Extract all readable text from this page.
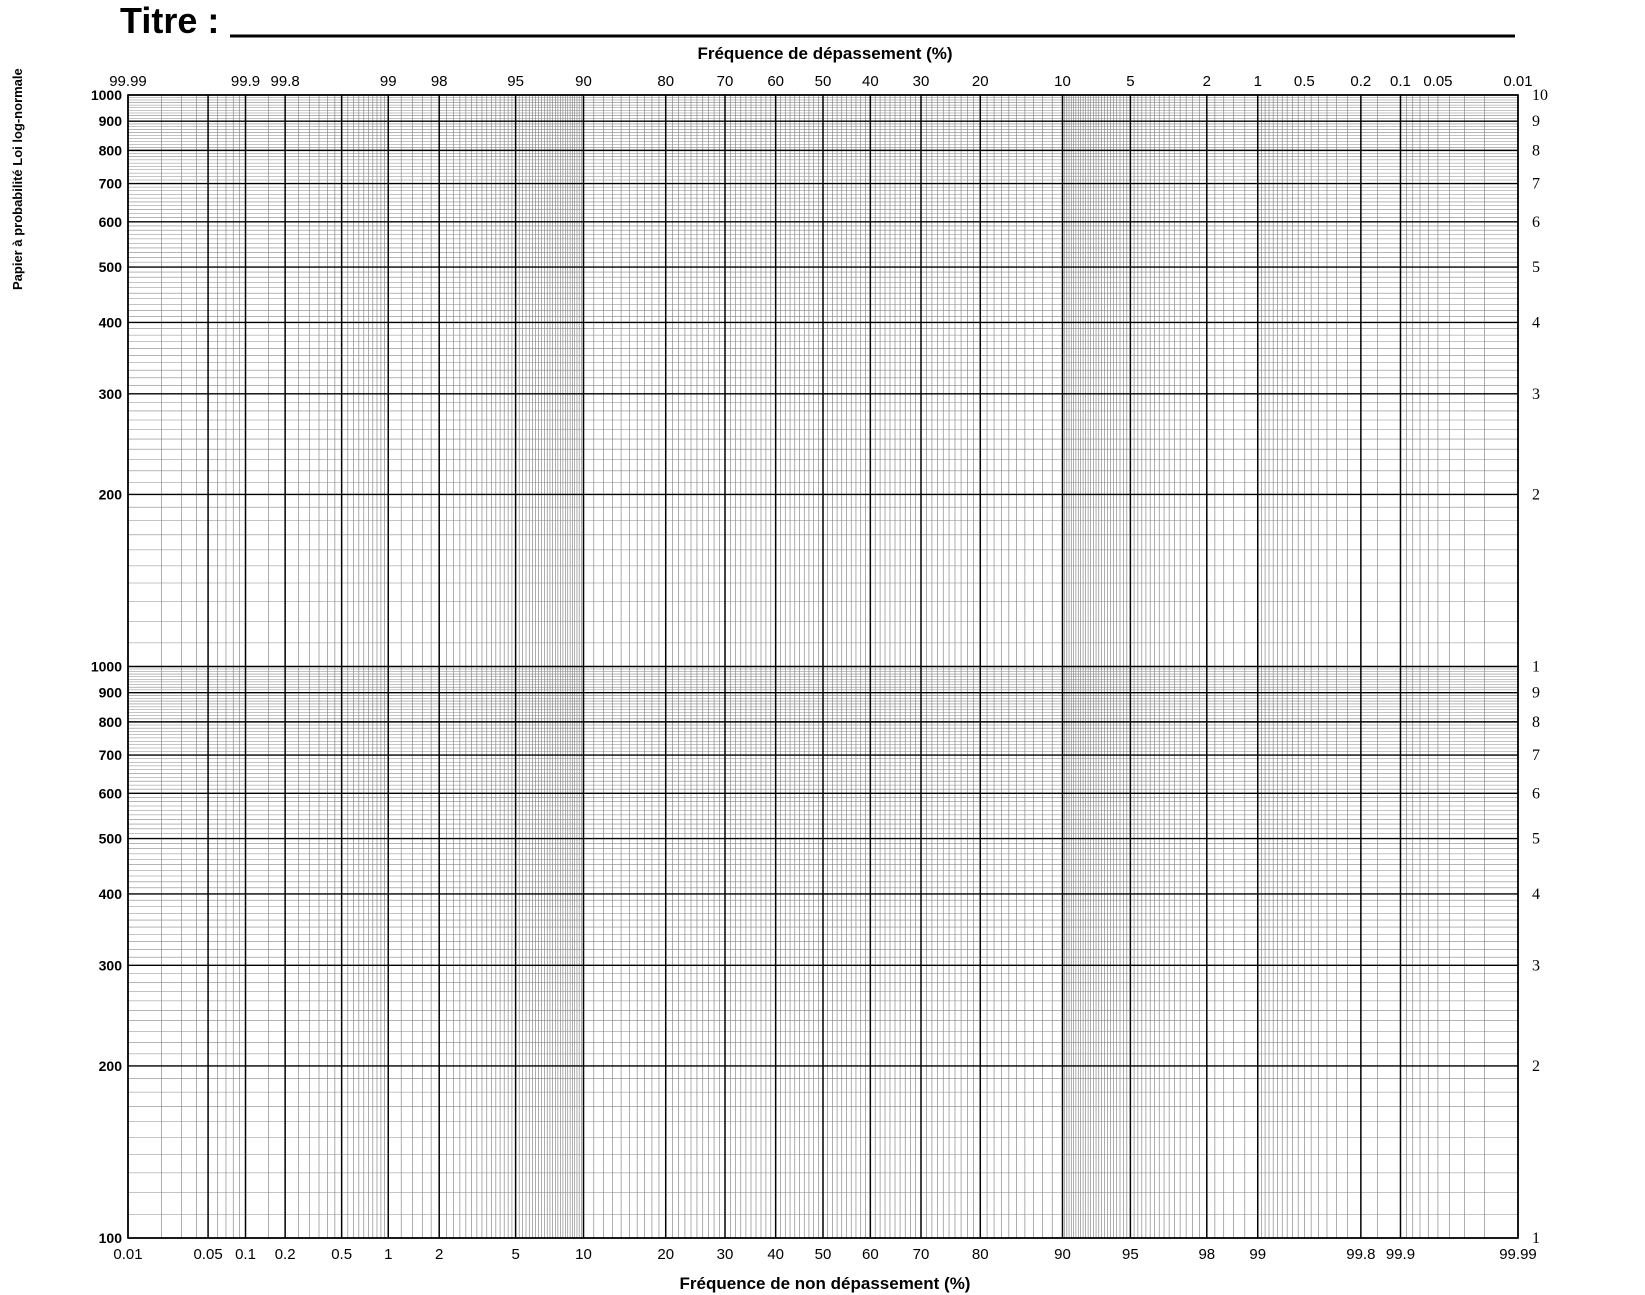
Titre :
Papier à probabilité Loi log-normale
Fréquence de dépassement (%)
Fréquence de non dépassement (%)
0.01	0.05 0.1 0.2 0.5 1	2	5	10	20	30 40 50 60 70	80	90	95	98 99	99.8 99.9	99.99
99.99	99.9 99.8	99 98	95	90	80	70 60 50 40 30	20	10	5	2	1 0.5 0.2 0.1 0.05	0.01
100
200
300
400
500
600
700
800
900
1000
200
300
400
500
600
700
800
900
1000
1
2
3
4
5
6
7
8
9
1
2
3
4
5
6
7
8
9
10
